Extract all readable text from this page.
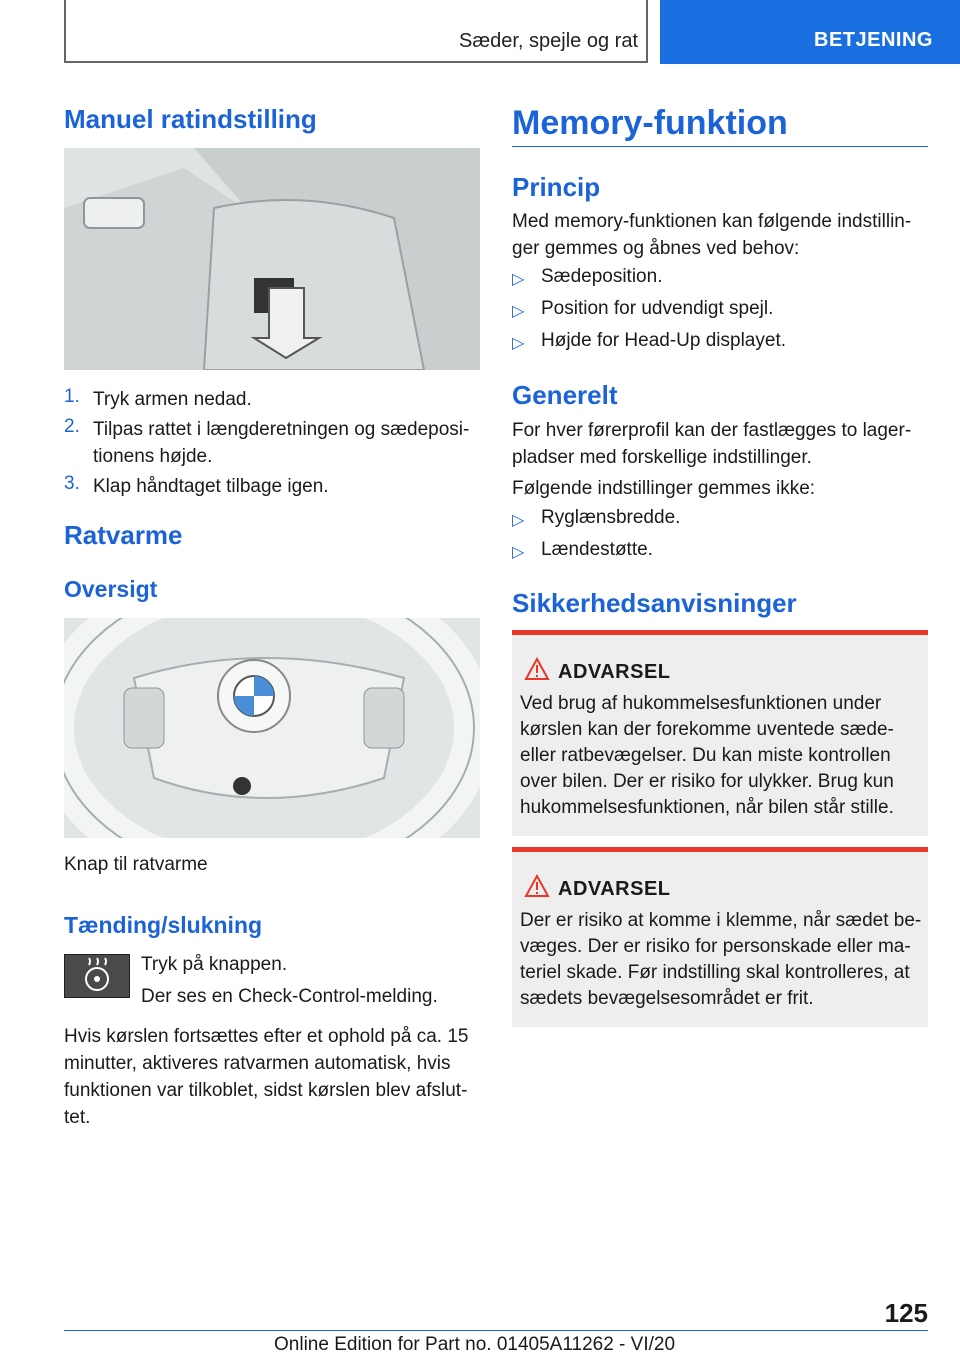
Sæder, spejle og rat	BETJENING
Manuel ratindstilling
1. Tryk armen nedad.
2. Tilpas rattet i længderetningen og sædeposi-tionens højde.
3. Klap håndtaget tilbage igen.
Ratvarme
Oversigt
Knap til ratvarme
Tænding/slukning
Tryk på knappen.
Der ses en Check-Control-melding.
Hvis kørslen fortsættes efter et ophold på ca. 15 minutter, aktiveres ratvarmen automatisk, hvis funktionen var tilkoblet, sidst kørslen blev afslut-tet.
Memory-funktion
Princip
Med memory-funktionen kan følgende indstillin-ger gemmes og åbnes ved behov:
▷ Sædeposition.
▷ Position for udvendigt spejl.
▷ Højde for Head-Up displayet.
Generelt
For hver førerprofil kan der fastlægges to lager-pladser med forskellige indstillinger.
Følgende indstillinger gemmes ikke:
▷ Ryglænsbredde.
▷ Lændestøtte.
Sikkerhedsanvisninger
ADVARSEL
Ved brug af hukommelsesfunktionen under kørslen kan der forekomme uventede sæde- eller ratbevægelser. Du kan miste kontrollen over bilen. Der er risiko for ulykker. Brug kun hukommelsesfunktionen, når bilen står stille.
ADVARSEL
Der er risiko at komme i klemme, når sædet be-væges. Der er risiko for personskade eller ma-teriel skade. Før indstilling skal kontrolleres, at sædets bevægelsesområdet er frit.
125
Online Edition for Part no. 01405A11262 - VI/20
